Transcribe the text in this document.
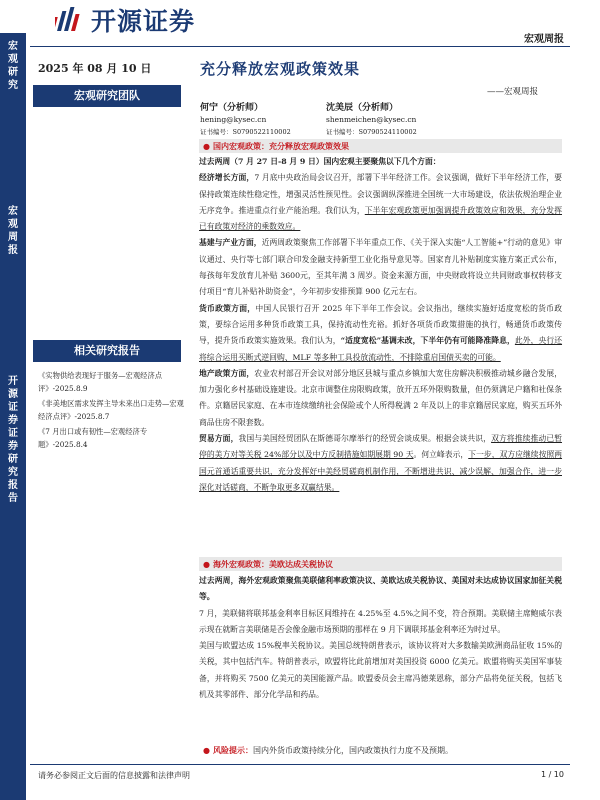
开源证券
宏观周报
宏观研究
宏观周报
开源证券 证券研究报告
2025 年 08 月 10 日
宏观研究团队
相关研究报告
《实物供给表现好于服务—宏观经济点评》-2025.8.9
《非美地区需求发挥主导未来出口走势—宏观经济点评》-2025.8.7
《7 月出口或有韧性—宏观经济专题》-2025.8.4
充分释放宏观政策效果
——宏观周报
何宁（分析师）
hening@kysec.cn
证书编号：S0790522110002
沈美辰（分析师）
shenmeichen@kysec.cn
证书编号：S0790524110002
● 国内宏观政策：充分释放宏观政策效果

过去两周（7 月 27 日-8 月 9 日）国内宏观主要聚焦以下几个方面：

经济增长方面，7 月底中央政治局会议召开，部署下半年经济工作。会议强调，做好下半年经济工作，要保持政策连续性稳定性，增强灵活性预见性。会议强调纵深推进全国统一大市场建设，依法依规治理企业无序竞争。推进重点行业产能治理。我们认为，下半年宏观政策更加强调提升政策效应和效果，充分发挥已有政策对经济的乘数效应。

基建与产业方面，近两周政策聚焦工作部署下半年重点工作、《关于深入实施“人工智能+”行动的意见》审议通过、央行等七部门联合印发金融支持新型工业化指导意见等。国家育儿补贴制度实施方案正式公布，每孩每年发放育儿补贴 3600元，至其年满 3 周岁。资金来源方面，中央财政将设立共同财政事权转移支付项目“育儿补贴补助资金”，今年初步安排预算 900 亿元左右。

货币政策方面，中国人民银行召开 2025 年下半年工作会议。会议指出，继续实施好适度宽松的货币政策，要综合运用多种货币政策工具，保持流动性充裕。抓好各项货币政策措施的执行，畅通货币政策传导，提升货币政策实施效果。我们认为，“适度宽松”基调未改，下半年仍有可能降准降息，此外，央行还将综合运用买断式逆回购、MLF 等多种工具投放流动性，不排除重启国债买卖的可能。

地产政策方面，农业农村部召开会议对部分地区县城与重点乡镇加大宽住房解决积极推动城乡融合发展，加力强化乡村基础设施建设。北京市调整住房限购政策，放开五环外限购数量，但仍须满足户籍和社保条件。京籍居民家庭、在本市连续缴纳社会保险或个人所得税满 2 年及以上的非京籍居民家庭，购买五环外商品住房不限套数。

贸易方面，我国与美国经贸团队在斯德哥尔摩举行的经贸会谈成果。根据会谈共识，双方将推续推动已暂停的美方对等关税 24%部分以及中方反制措施如期展期 90 天。何立峰表示，下一步，双方应继续按照两国元首通话重要共识，充分发挥好中美经贸磋商机制作用，不断增进共识、减少误解、加强合作，进一步深化对话磋商，不断争取更多双赢结果。

● 海外宏观政策：美欧达成关税协议

过去两周，海外宏观政策聚焦美联储利率政策决议、美欧达成关税协议、美国对未达成协议国家加征关税等。

7 月，美联储将联邦基金利率目标区间维持在 4.25%至 4.5%之间不变，符合预期。美联储主席鲍威尔表示现在就断言美联储是否会像金融市场预期的那样在 9 月下调联邦基金利率还为时过早。

美国与欧盟达成 15%税率关税协议。美国总统特朗普表示，该协议将对大多数输美欧洲商品征收 15%的关税，其中包括汽车。特朗普表示，欧盟将比此前增加对美国投资 6000 亿美元。欧盟将购买美国军事装备，并将购买 7500 亿美元的美国能源产品。欧盟委员会主席冯德莱恩称，部分产品将免征关税，包括飞机及其零部件、部分化学品和药品。

● 风险提示：国内外货币政策持续分化，国内政策执行力度不及预期。
请务必参阅正文后面的信息披露和法律声明	1 / 10
